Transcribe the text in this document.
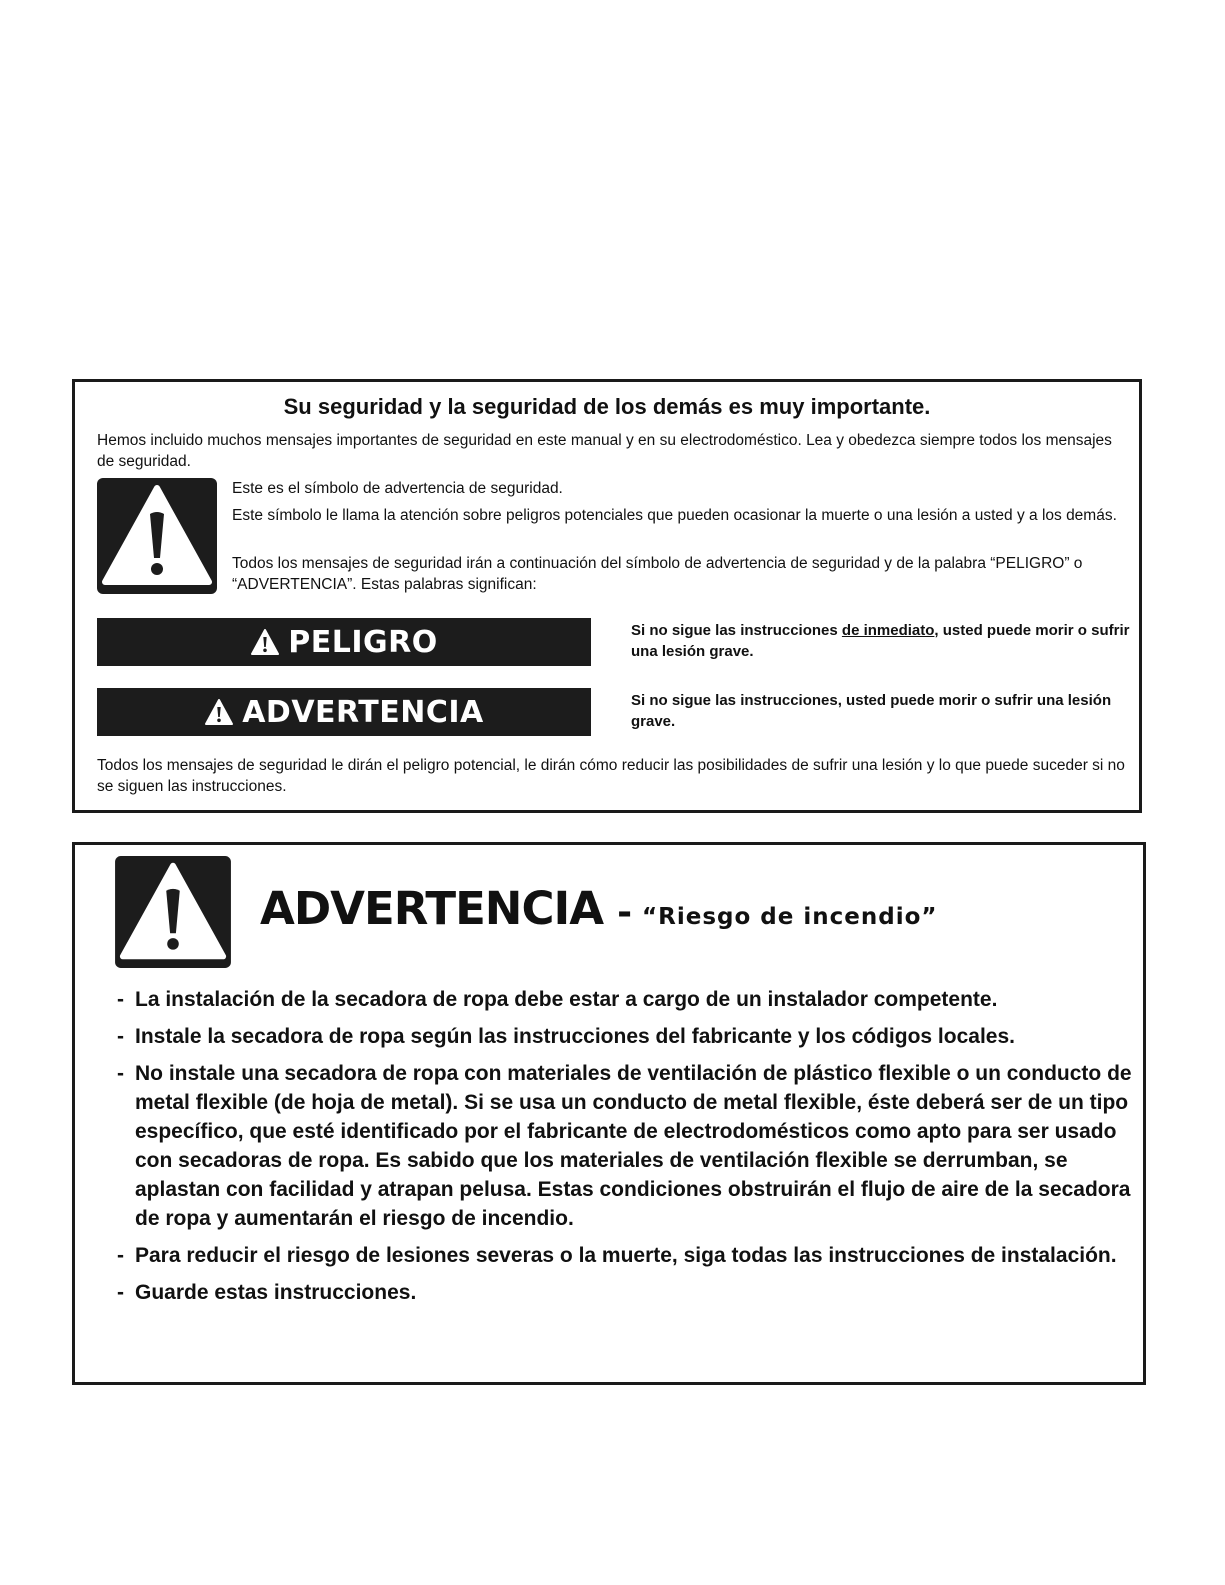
Su seguridad y la seguridad de los demás es muy importante.

Hemos incluido muchos mensajes importantes de seguridad en este manual y en su electrodoméstico. Lea y obedezca siempre todos los mensajes de seguridad.

Este es el símbolo de advertencia de seguridad.

Este símbolo le llama la atención sobre peligros potenciales que pueden ocasionar la muerte o una lesión a usted y a los demás.

Todos los mensajes de seguridad irán a continuación del símbolo de advertencia de seguridad y de la palabra “PELIGRO” o “ADVERTENCIA”. Estas palabras significan:

PELIGRO	Si no sigue las instrucciones de inmediato, usted puede morir o sufrir una lesión grave.

ADVERTENCIA	Si no sigue las instrucciones, usted puede morir o sufrir una lesión grave.

Todos los mensajes de seguridad le dirán el peligro potencial, le dirán cómo reducir las posibilidades de sufrir una lesión y lo que puede suceder si no se siguen las instrucciones.

ADVERTENCIA - “Riesgo de incendio”
- La instalación de la secadora de ropa debe estar a cargo de un instalador competente.
- Instale la secadora de ropa según las instrucciones del fabricante y los códigos locales.
- No instale una secadora de ropa con materiales de ventilación de plástico flexible o un conducto de metal flexible (de hoja de metal). Si se usa un conducto de metal flexible, éste deberá ser de un tipo específico, que esté identificado por el fabricante de electrodomésticos como apto para ser usado con secadoras de ropa. Es sabido que los materiales de ventilación flexible se derrumban, se aplastan con facilidad y atrapan pelusa. Estas condiciones obstruirán el flujo de aire de la secadora de ropa y aumentarán el riesgo de incendio.
- Para reducir el riesgo de lesiones severas o la muerte, siga todas las instrucciones de instalación.
- Guarde estas instrucciones.
